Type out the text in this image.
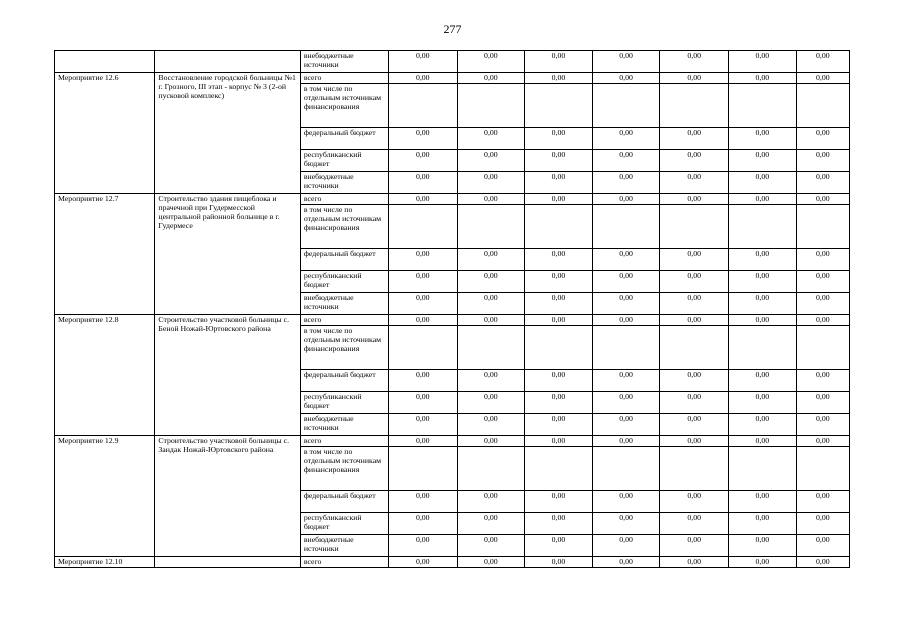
277
		внебюджетные источники	0,00	0,00	0,00	0,00	0,00	0,00	0,00
Мероприятие 12.6	Восстановление городской больницы №1 г. Грозного, III этап - корпус № 3 (2-ой пусковой комплекс)	всего	0,00	0,00	0,00	0,00	0,00	0,00	0,00
		в том числе по отдельным источникам финансирования							
		федеральный бюджет	0,00	0,00	0,00	0,00	0,00	0,00	0,00
		республиканский бюджет	0,00	0,00	0,00	0,00	0,00	0,00	0,00
		внебюджетные источники	0,00	0,00	0,00	0,00	0,00	0,00	0,00
Мероприятие 12.7	Строительство здания пищеблока и прачечной при Гудермесской центральной районной больнице в г. Гудермесе	всего	0,00	0,00	0,00	0,00	0,00	0,00	0,00
		в том числе по отдельным источникам финансирования							
		федеральный бюджет	0,00	0,00	0,00	0,00	0,00	0,00	0,00
		республиканский бюджет	0,00	0,00	0,00	0,00	0,00	0,00	0,00
		внебюджетные источники	0,00	0,00	0,00	0,00	0,00	0,00	0,00
Мероприятие 12.8	Строительство участковой больницы с. Беной Ножай-Юртовского района	всего	0,00	0,00	0,00	0,00	0,00	0,00	0,00
		в том числе по отдельным источникам финансирования							
		федеральный бюджет	0,00	0,00	0,00	0,00	0,00	0,00	0,00
		республиканский бюджет	0,00	0,00	0,00	0,00	0,00	0,00	0,00
		внебюджетные источники	0,00	0,00	0,00	0,00	0,00	0,00	0,00
Мероприятие 12.9	Строительство участковой больницы с. Зандак Ножай-Юртовского района	всего	0,00	0,00	0,00	0,00	0,00	0,00	0,00
		в том числе по отдельным источникам финансирования							
		федеральный бюджет	0,00	0,00	0,00	0,00	0,00	0,00	0,00
		республиканский бюджет	0,00	0,00	0,00	0,00	0,00	0,00	0,00
		внебюджетные источники	0,00	0,00	0,00	0,00	0,00	0,00	0,00
Мероприятие 12.10		всего	0,00	0,00	0,00	0,00	0,00	0,00	0,00
